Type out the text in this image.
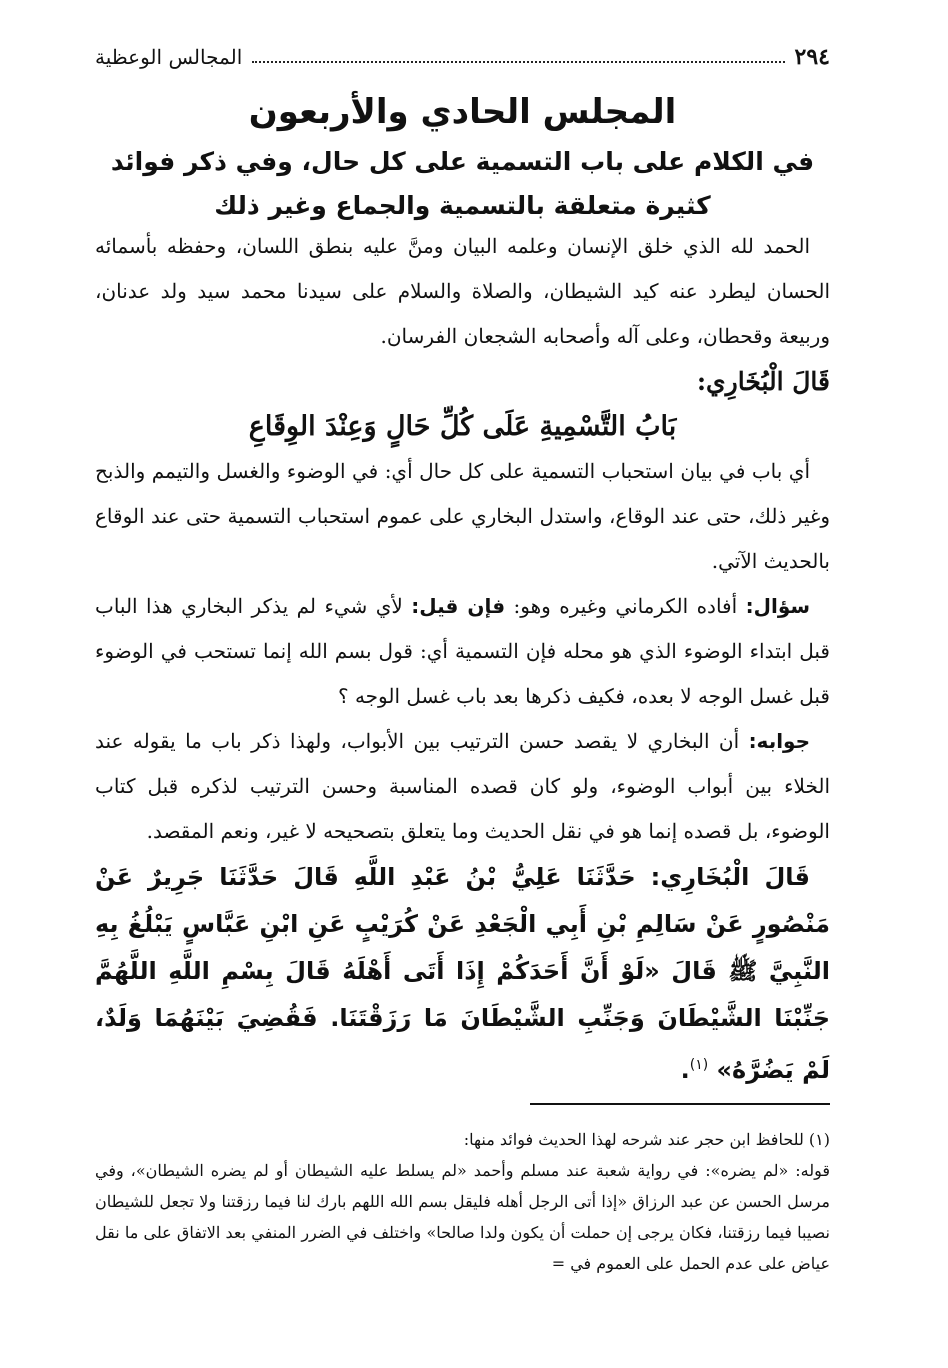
٢٩٤
المجالس الوعظية
المجلس الحادي والأربعون
في الكلام على باب التسمية على كل حال، وفي ذكر فوائد كثيرة متعلقة بالتسمية والجماع وغير ذلك

الحمد لله الذي خلق الإنسان وعلمه البيان ومنَّ عليه بنطق اللسان، وحفظه بأسمائه الحسان ليطرد عنه كيد الشيطان، والصلاة والسلام على سيدنا محمد سيد ولد عدنان، وربيعة وقحطان، وعلى آله وأصحابه الشجعان الفرسان.

قَالَ الْبُخَارِي:

بَابُ التَّسْمِيةِ عَلَى كُلِّ حَالٍ وَعِنْدَ الوِقَاعِ

أي باب في بيان استحباب التسمية على كل حال أي: في الوضوء والغسل والتيمم والذبح وغير ذلك، حتى عند الوقاع، واستدل البخاري على عموم استحباب التسمية حتى عند الوقاع بالحديث الآتي.

سؤال: أفاده الكرماني وغيره وهو: فإن قيل: لأي شيء لم يذكر البخاري هذا الباب قبل ابتداء الوضوء الذي هو محله فإن التسمية أي: قول بسم الله إنما تستحب في الوضوء قبل غسل الوجه لا بعده، فكيف ذكرها بعد باب غسل الوجه ؟

جوابه: أن البخاري لا يقصد حسن الترتيب بين الأبواب، ولهذا ذكر باب ما يقوله عند الخلاء بين أبواب الوضوء، ولو كان قصده المناسبة وحسن الترتيب لذكره قبل كتاب الوضوء، بل قصده إنما هو في نقل الحديث وما يتعلق بتصحيحه لا غير، ونعم المقصد.

قَالَ الْبُخَارِي: حَدَّثَنَا عَلِيُّ بْنُ عَبْدِ اللَّهِ قَالَ حَدَّثَنَا جَرِيرٌ عَنْ مَنْصُورٍ عَنْ سَالِمِ بْنِ أَبِي الْجَعْدِ عَنْ كُرَيْبٍ عَنِ ابْنِ عَبَّاسٍ يَبْلُغُ بِهِ النَّبِيَّ ﷺ قَالَ «لَوْ أَنَّ أَحَدَكُمْ إِذَا أَتَى أَهْلَهُ قَالَ بِسْمِ اللَّهِ اللَّهُمَّ جَنِّبْنَا الشَّيْطَانَ وَجَنِّبِ الشَّيْطَانَ مَا رَزَقْتَنَا. فَقُضِيَ بَيْنَهُمَا وَلَدٌ، لَمْ يَضُرَّهُ» $^{(١)}$.

(١) للحافظ ابن حجر عند شرحه لهذا الحديث فوائد منها:

قوله: «لم يضره»: في رواية شعبة عند مسلم وأحمد «لم يسلط عليه الشيطان أو لم يضره الشيطان»، وفي مرسل الحسن عن عبد الرزاق «إذا أتى الرجل أهله فليقل بسم الله اللهم بارك لنا فيما رزقتنا ولا تجعل للشيطان نصيبا فيما رزقتنا، فكان يرجى إن حملت أن يكون ولدا صالحا» واختلف في الضرر المنفي بعد الاتفاق على ما نقل عياض على عدم الحمل على العموم في =
